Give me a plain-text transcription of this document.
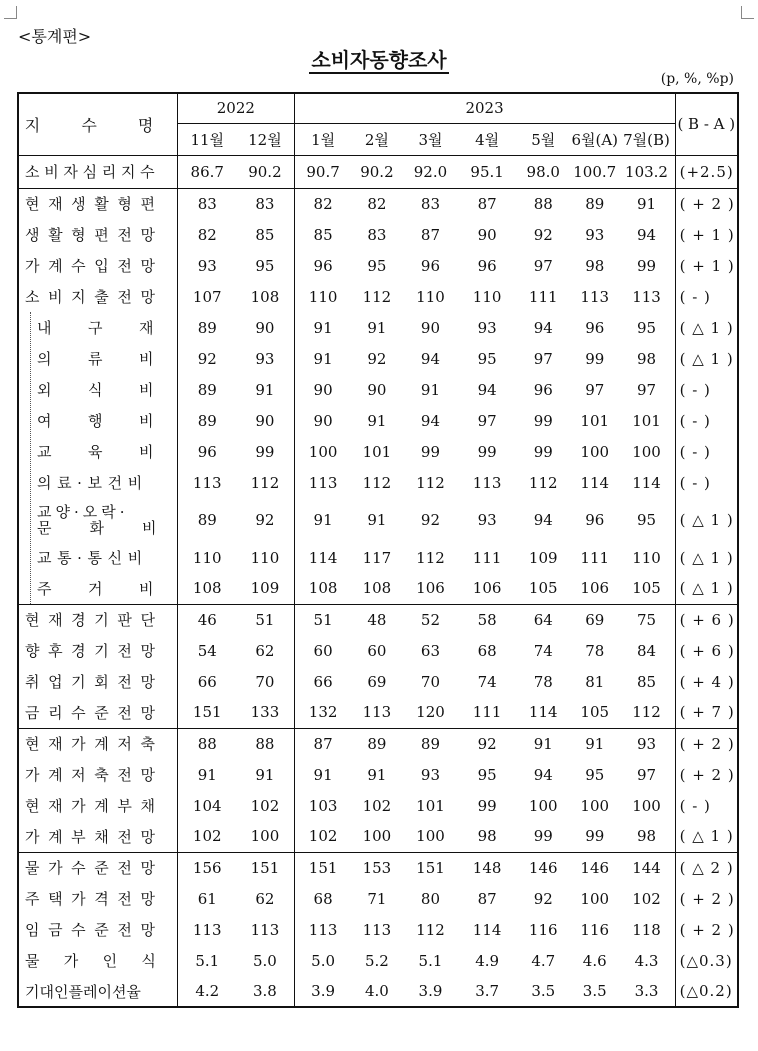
<통계편>
소비자동향조사
(p, %, %p)
지 수 명	2022		2023							( B - A )
	11월	12월	1월	2월	3월	4월	5월	6월(A)	7월(B)	
소비자심리지수	86.7	90.2	90.7	90.2	92.0	95.1	98.0	100.7	103.2	(+2.5)
현재생활형편	83	83	82	82	83	87	88	89	91	( + 2 )
생활형편전망	82	85	85	83	87	90	92	93	94	( + 1 )
가계수입전망	93	95	96	95	96	96	97	98	99	( + 1 )
소비지출전망	107	108	110	112	110	110	111	113	113	( - )
내구재	89	90	91	91	90	93	94	96	95	( △ 1 )
의류비	92	93	91	92	94	95	97	99	98	( △ 1 )
외식비	89	91	90	90	91	94	96	97	97	( - )
여행비	89	90	90	91	94	97	99	101	101	( - )
교육비	96	99	100	101	99	99	99	100	100	( - )
의료·보건비	113	112	113	112	112	113	112	114	114	( - )

교양·오락·
문화비	89	92	91	91	92	93	94	96	95	( △ 1 )
교통·통신비	110	110	114	117	112	111	109	111	110	( △ 1 )
주거비	108	109	108	108	106	106	105	106	105	( △ 1 )
현재경기판단	46	51	51	48	52	58	64	69	75	( + 6 )
향후경기전망	54	62	60	60	63	68	74	78	84	( + 6 )
취업기회전망	66	70	66	69	70	74	78	81	85	( + 4 )
금리수준전망	151	133	132	113	120	111	114	105	112	( + 7 )
현재가계저축	88	88	87	89	89	92	91	91	93	( + 2 )
가계저축전망	91	91	91	91	93	95	94	95	97	( + 2 )
현재가계부채	104	102	103	102	101	99	100	100	100	( - )
가계부채전망	102	100	102	100	100	98	99	99	98	( △ 1 )
물가수준전망	156	151	151	153	151	148	146	146	144	( △ 2 )
주택가격전망	61	62	68	71	80	87	92	100	102	( + 2 )
임금수준전망	113	113	113	113	112	114	116	116	118	( + 2 )
물가인식	5.1	5.0	5.0	5.2	5.1	4.9	4.7	4.6	4.3	(△0.3)
기대인플레이션율	4.2	3.8	3.9	4.0	3.9	3.7	3.5	3.5	3.3	(△0.2)
